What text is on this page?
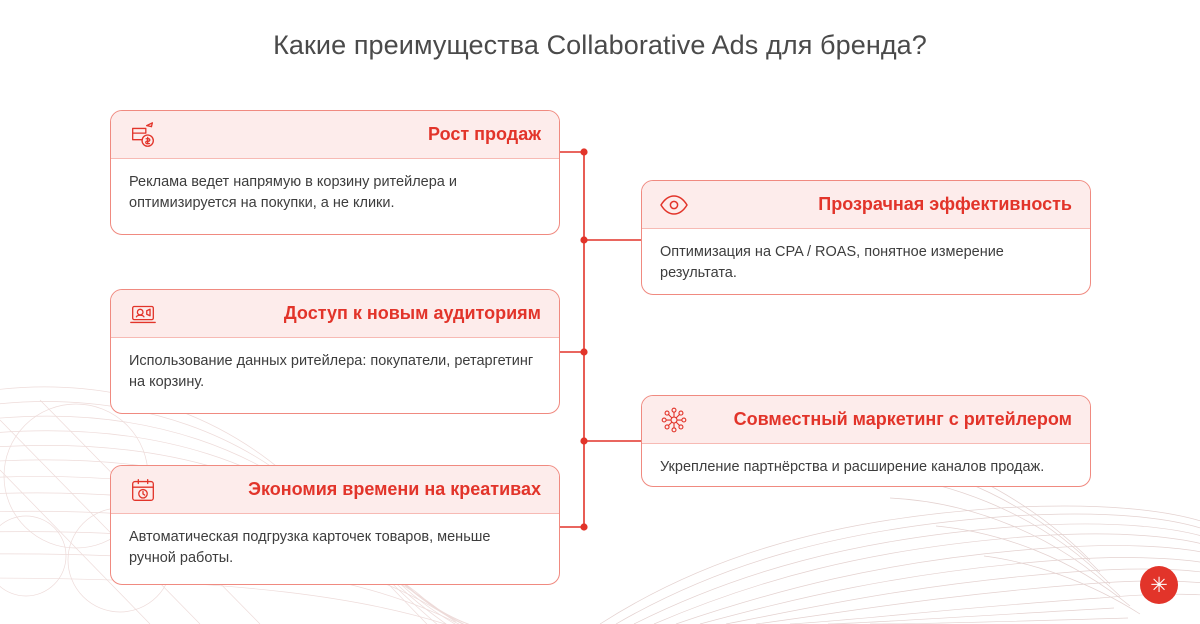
Какие преимущества Collaborative Ads для бренда?
Рост продаж
Реклама ведет напрямую в корзину ритейлера и оптимизируется на покупки, а не клики.
Доступ к новым аудиториям
Использование данных ритейлера: покупатели, ретаргетинг на корзину.
Экономия времени на креативах
Автоматическая подгрузка карточек товаров, меньше ручной работы.
Прозрачная эффективность
Оптимизация на CPA / ROAS, понятное измерение результата.
Совместный маркетинг с ритейлером
Укрепление партнёрства и расширение каналов продаж.
✳
